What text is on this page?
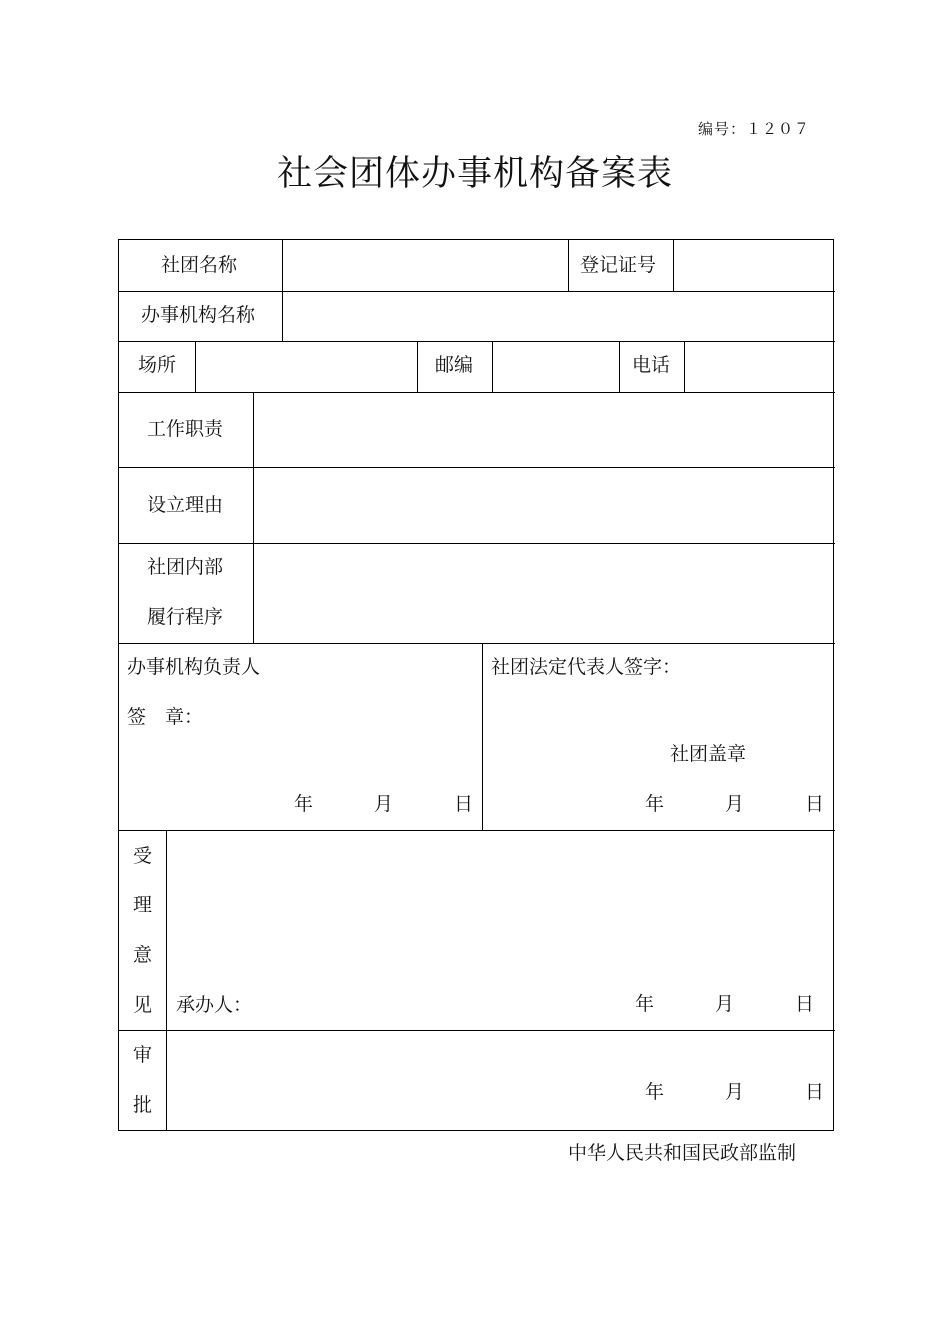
编号：１２０７
社会团体办事机构备案表
社团名称	登记证号
办事机构名称
场所	邮编	电话
工作职责
设立理由
社团内部
履行程序
办事机构负责人
签　章：
年	月	日
社团法定代表人签字：
社团盖章
年	月	日
受
理
意
见 承办人：	年	月	日
审
批
年	月	日
中华人民共和国民政部监制
